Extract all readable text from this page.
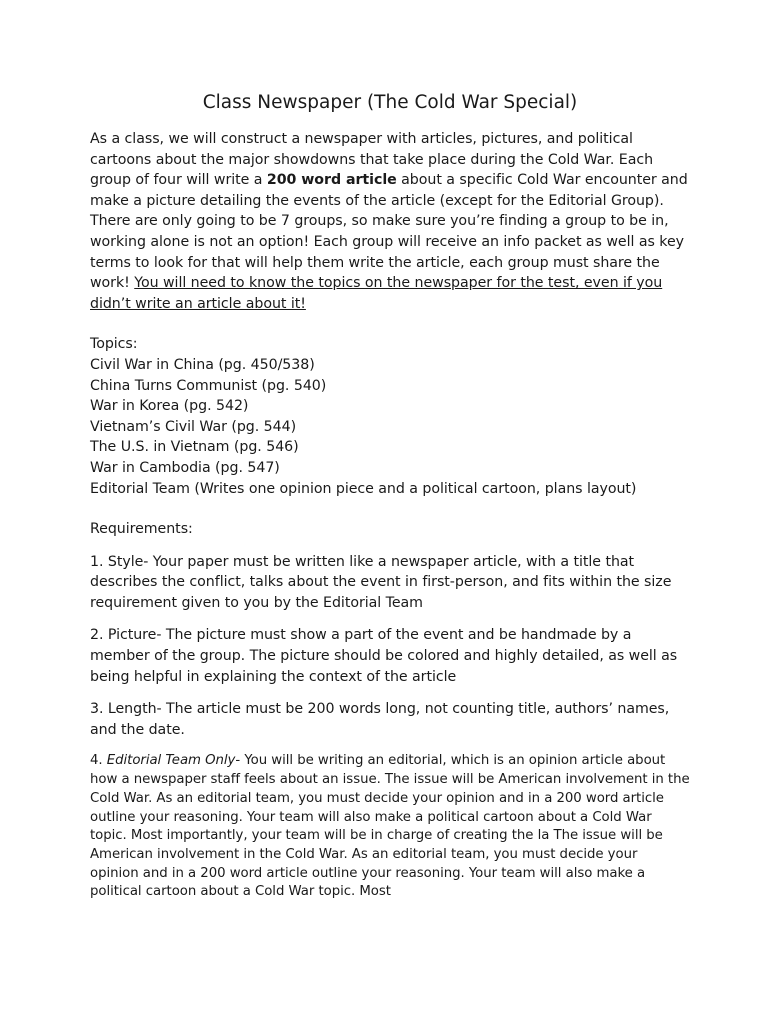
Class Newspaper (The Cold War Special)

As a class, we will construct a newspaper with articles, pictures, and political cartoons about the major showdowns that take place during the Cold War. Each group of four will write a 200 word article about a specific Cold War encounter and make a picture detailing the events of the article (except for the Editorial Group). There are only going to be 7 groups, so make sure you’re finding a group to be in, working alone is not an option! Each group will receive an info packet as well as key terms to look for that will help them write the article, each group must share the work! You will need to know the topics on the newspaper for the test, even if you didn’t write an article about it!

Topics:

Civil War in China (pg. 450/538)
China Turns Communist (pg. 540)
War in Korea (pg. 542)
Vietnam’s Civil War (pg. 544)
The U.S. in Vietnam (pg. 546)
War in Cambodia (pg. 547)
Editorial Team (Writes one opinion piece and a political cartoon, plans layout)

Requirements:

1. Style- Your paper must be written like a newspaper article, with a title that describes the conflict, talks about the event in first-person, and fits within the size requirement given to you by the Editorial Team

2. Picture- The picture must show a part of the event and be handmade by a member of the group. The picture should be colored and highly detailed, as well as being helpful in explaining the context of the article

3. Length- The article must be 200 words long, not counting title, authors’ names, and the date.

4. Editorial Team Only- You will be writing an editorial, which is an opinion article about how a newspaper staff feels about an issue. The issue will be American involvement in the Cold War. As an editorial team, you must decide your opinion and in a 200 word article outline your reasoning. Your team will also make a political cartoon about a Cold War topic. Most importantly, your team will be in charge of creating the la The issue will be American involvement in the Cold War. As an editorial team, you must decide your opinion and in a 200 word article outline your reasoning. Your team will also make a political cartoon about a Cold War topic. Most
